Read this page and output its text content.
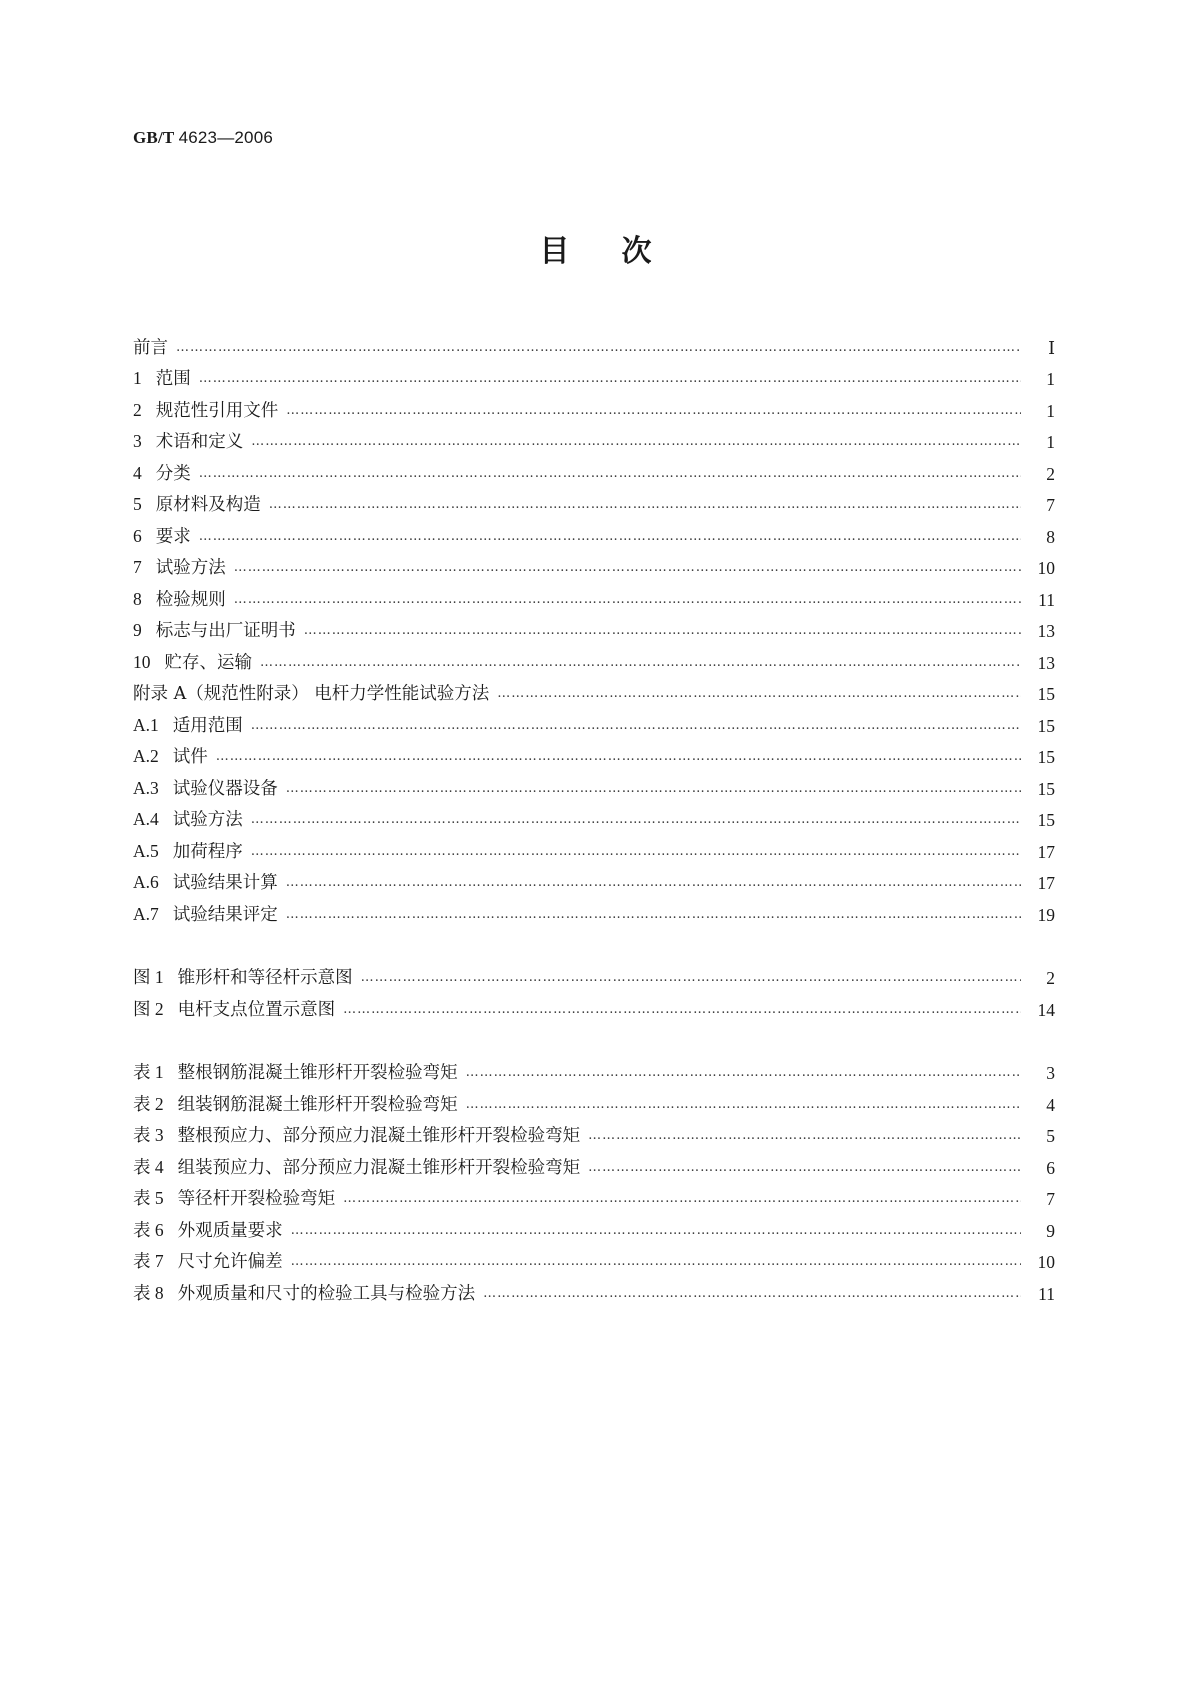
GB/T 4623—2006
目次
前言 …………………………………………………………………………………………………………………………………………………………………………………………………………………………………………	Ⅰ
1 范围 …………………………………………………………………………………………………………………………………………………………………………………………………………………………………………	1
2 规范性引用文件 …………………………………………………………………………………………………………………………………………………………………………………………………………………………………………	1
3 术语和定义 …………………………………………………………………………………………………………………………………………………………………………………………………………………………………………	1
4 分类 …………………………………………………………………………………………………………………………………………………………………………………………………………………………………………	2
5 原材料及构造 …………………………………………………………………………………………………………………………………………………………………………………………………………………………………………	7
6 要求 …………………………………………………………………………………………………………………………………………………………………………………………………………………………………………	8
7 试验方法 …………………………………………………………………………………………………………………………………………………………………………………………………………………………………………	10
8 检验规则 …………………………………………………………………………………………………………………………………………………………………………………………………………………………………………	11
9 标志与出厂证明书 …………………………………………………………………………………………………………………………………………………………………………………………………………………………………………	13
10 贮存、运输 …………………………………………………………………………………………………………………………………………………………………………………………………………………………………………	13
附录 A（规范性附录） 电杆力学性能试验方法 …………………………………………………………………………………………………………………………………………………………………………………………………………………………………………	15
A.1 适用范围 …………………………………………………………………………………………………………………………………………………………………………………………………………………………………………	15
A.2 试件 …………………………………………………………………………………………………………………………………………………………………………………………………………………………………………	15
A.3 试验仪器设备 …………………………………………………………………………………………………………………………………………………………………………………………………………………………………………	15
A.4 试验方法 …………………………………………………………………………………………………………………………………………………………………………………………………………………………………………	15
A.5 加荷程序 …………………………………………………………………………………………………………………………………………………………………………………………………………………………………………	17
A.6 试验结果计算 …………………………………………………………………………………………………………………………………………………………………………………………………………………………………………	17
A.7 试验结果评定 …………………………………………………………………………………………………………………………………………………………………………………………………………………………………………	19
图 1 锥形杆和等径杆示意图 …………………………………………………………………………………………………………………………………………………………………………………………………………………………………………	2
图 2 电杆支点位置示意图 …………………………………………………………………………………………………………………………………………………………………………………………………………………………………………	14
表 1 整根钢筋混凝土锥形杆开裂检验弯矩 …………………………………………………………………………………………………………………………………………………………………………………………………………………………………………	3
表 2 组装钢筋混凝土锥形杆开裂检验弯矩 …………………………………………………………………………………………………………………………………………………………………………………………………………………………………………	4
表 3 整根预应力、部分预应力混凝土锥形杆开裂检验弯矩 …………………………………………………………………………………………………………………………………………………………………………………………………………………………………………	5
表 4 组装预应力、部分预应力混凝土锥形杆开裂检验弯矩 …………………………………………………………………………………………………………………………………………………………………………………………………………………………………………	6
表 5 等径杆开裂检验弯矩 …………………………………………………………………………………………………………………………………………………………………………………………………………………………………………	7
表 6 外观质量要求 …………………………………………………………………………………………………………………………………………………………………………………………………………………………………………	9
表 7 尺寸允许偏差 …………………………………………………………………………………………………………………………………………………………………………………………………………………………………………	10
表 8 外观质量和尺寸的检验工具与检验方法 …………………………………………………………………………………………………………………………………………………………………………………………………………………………………………	11
